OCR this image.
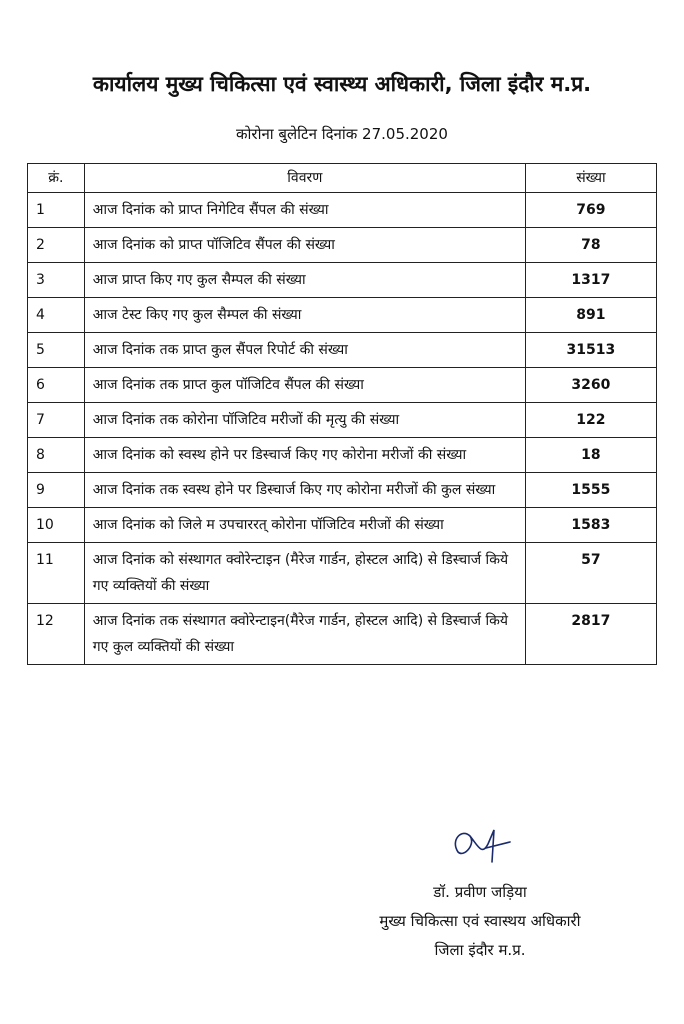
कार्यालय मुख्य चिकित्सा एवं स्वास्थ्य अधिकारी, जिला इंदौर म.प्र.
कोरोना बुलेटिन दिनांक 27.05.2020
क्रं.	विवरण	संख्या
1	आज दिनांक को प्राप्त निगेटिव सैंपल की संख्या	769
2	आज दिनांक को प्राप्त पॉजिटिव सैंपल की संख्या	78
3	आज प्राप्त किए गए कुल सैम्पल की संख्या	1317
4	आज टेस्ट किए गए कुल सैम्पल की संख्या	891
5	आज दिनांक तक प्राप्त कुल सैंपल रिपोर्ट की संख्या	31513
6	आज दिनांक तक प्राप्त कुल पॉजिटिव सैंपल की संख्या	3260
7	आज दिनांक तक कोरोना पॉजिटिव मरीजों की मृत्यु की संख्या	122
8	आज दिनांक को स्वस्थ होने पर डिस्चार्ज किए गए कोरोना मरीजों की संख्या	18
9	आज दिनांक तक स्वस्थ होने पर डिस्चार्ज किए गए कोरोना मरीजों की कुल संख्या	1555
10	आज दिनांक को जिले म उपचाररत् कोरोना पॉजिटिव मरीजों की संख्या	1583
11	आज दिनांक को संस्थागत क्वोरेन्टाइन (मैरेज गार्डन, होस्टल आदि) से डिस्चार्ज किये गए व्यक्तियों की संख्या	57
12	आज दिनांक तक संस्थागत क्वोरेन्टाइन(मैरेज गार्डन, होस्टल आदि) से डिस्चार्ज किये गए कुल व्यक्तियों की संख्या	2817
डॉ. प्रवीण जड़िया
मुख्य चिकित्सा एवं स्वास्थय अधिकारी
जिला इंदौर म.प्र.
